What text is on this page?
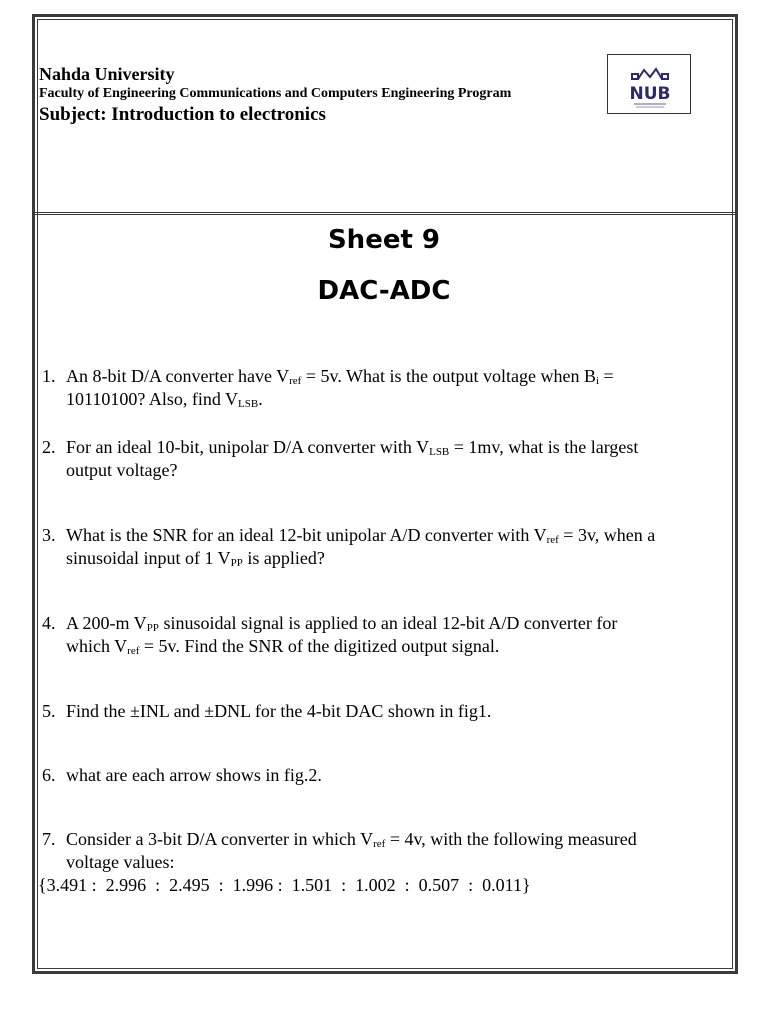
Nahda University
Faculty of Engineering Communications and Computers Engineering Program
Subject: Introduction to electronics
NUB
Sheet 9
DAC-ADC
1. An 8-bit D/A converter have $V_{ref} = 5v$. What is the output voltage when $B_i$ =
10110100? Also, find $V_{LSB}$.
2. For an ideal 10-bit, unipolar D/A converter with $V_{LSB} = 1mv$, what is the largest
output voltage?
3. What is the SNR for an ideal 12-bit unipolar A/D converter with $V_{ref} = 3v$, when a
sinusoidal input of 1 $V_{PP}$ is applied?
4. A 200-m $V_{PP}$ sinusoidal signal is applied to an ideal 12-bit A/D converter for
which $V_{ref} = 5v$. Find the SNR of the digitized output signal.
5. Find the ±INL and ±DNL for the 4-bit DAC shown in fig1.
6. what are each arrow shows in fig.2.
7. Consider a 3-bit D/A converter in which $V_{ref} = 4v$, with the following measured
voltage values:
{3.491 :  2.996  :  2.495  :  1.996 :  1.501  :  1.002  :  0.507  :  0.011}
